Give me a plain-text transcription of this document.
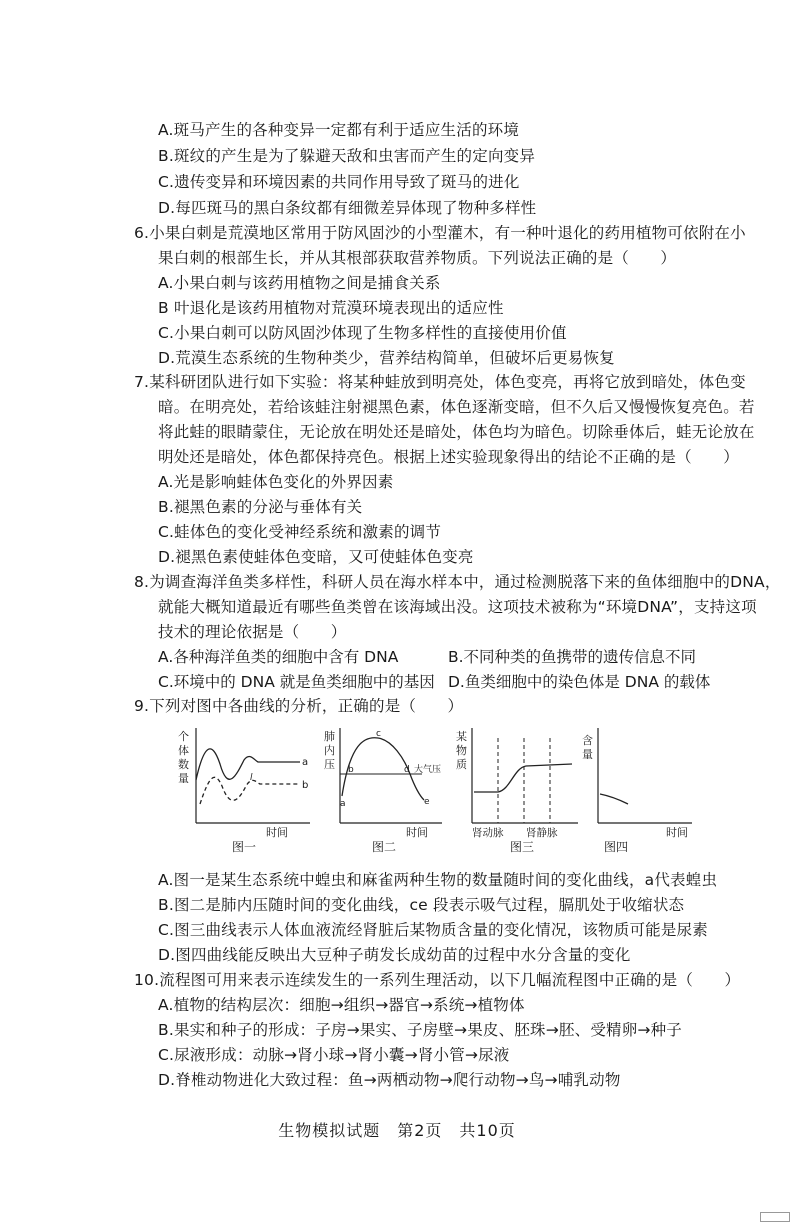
A.斑马产生的各种变异一定都有利于适应生活的环境
B.斑纹的产生是为了躲避天敌和虫害而产生的定向变异
C.遗传变异和环境因素的共同作用导致了斑马的进化
D.每匹斑马的黑白条纹都有细微差异体现了物种多样性
6.小果白刺是荒漠地区常用于防风固沙的小型灌木，有一种叶退化的药用植物可依附在小
果白刺的根部生长，并从其根部获取营养物质。下列说法正确的是（　　）
A.小果白刺与该药用植物之间是捕食关系
B 叶退化是该药用植物对荒漠环境表现出的适应性
C.小果白刺可以防风固沙体现了生物多样性的直接使用价值
D.荒漠生态系统的生物种类少，营养结构简单，但破坏后更易恢复
7.某科研团队进行如下实验：将某种蛙放到明亮处，体色变亮，再将它放到暗处，体色变
暗。在明亮处，若给该蛙注射褪黑色素，体色逐渐变暗，但不久后又慢慢恢复亮色。若
将此蛙的眼睛蒙住，无论放在明处还是暗处，体色均为暗色。切除垂体后，蛙无论放在
明处还是暗处，体色都保持亮色。根据上述实验现象得出的结论不正确的是（　　）
A.光是影响蛙体色变化的外界因素
B.褪黑色素的分泌与垂体有关
C.蛙体色的变化受神经系统和激素的调节
D.褪黑色素使蛙体色变暗，又可使蛙体色变亮
8.为调查海洋鱼类多样性，科研人员在海水样本中，通过检测脱落下来的鱼体细胞中的DNA，
就能大概知道最近有哪些鱼类曾在该海域出没。这项技术被称为“环境DNA”，支持这项
技术的理论依据是（　　）
A.各种海洋鱼类的细胞中含有 DNA	B.不同种类的鱼携带的遗传信息不同
C.环境中的 DNA 就是鱼类细胞中的基因 D.鱼类细胞中的染色体是 DNA 的载体
9.下列对图中各曲线的分析，正确的是（　　）
l
a
b
个
体
数
量
时间
图一
肺
内
压
a
b
c
d
e
大气压
时间
图二
某
物
质
肾动脉 肾静脉
图三
含
量
时间
图四
A.图一是某生态系统中蝗虫和麻雀两种生物的数量随时间的变化曲线，a代表蝗虫
B.图二是肺内压随时间的变化曲线，ce 段表示吸气过程，膈肌处于收缩状态
C.图三曲线表示人体血液流经肾脏后某物质含量的变化情况，该物质可能是尿素
D.图四曲线能反映出大豆种子萌发长成幼苗的过程中水分含量的变化
10.流程图可用来表示连续发生的一系列生理活动，以下几幅流程图中正确的是（　　）
A.植物的结构层次：细胞→组织→器官→系统→植物体
B.果实和种子的形成：子房→果实、子房壁→果皮、胚珠→胚、受精卵→种子
C.尿液形成：动脉→肾小球→肾小囊→肾小管→尿液
D.脊椎动物进化大致过程：鱼→两栖动物→爬行动物→鸟→哺乳动物
生物模拟试题　第2页　共10页
